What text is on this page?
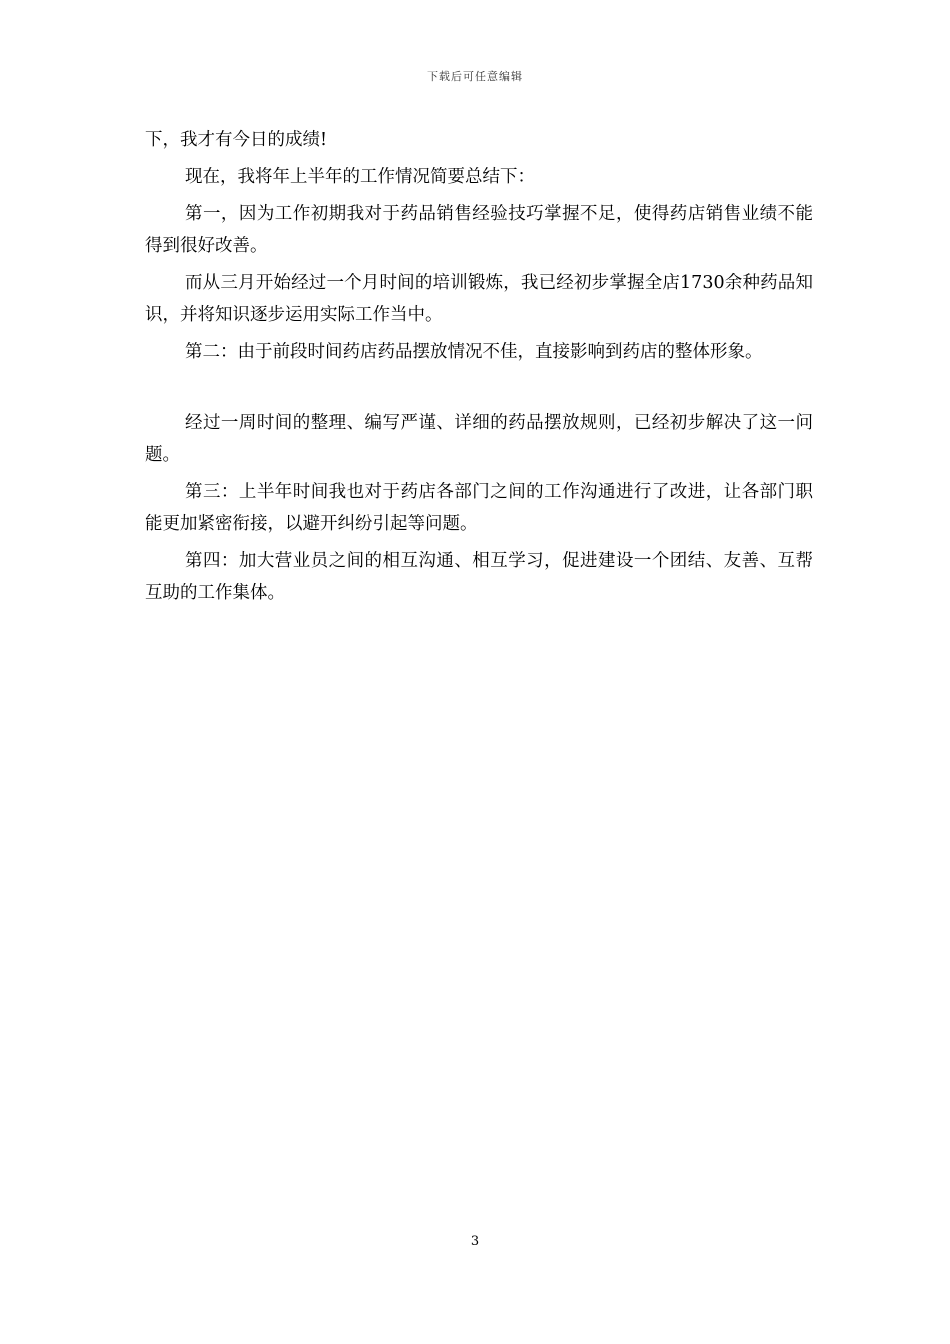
下载后可任意编辑

下，我才有今日的成绩!

现在，我将年上半年的工作情况简要总结下：

第一，因为工作初期我对于药品销售经验技巧掌握不足，使得药店销售业绩不能得到很好改善。

而从三月开始经过一个月时间的培训锻炼，我已经初步掌握全店1730余种药品知识，并将知识逐步运用实际工作当中。

第二：由于前段时间药店药品摆放情况不佳，直接影响到药店的整体形象。

经过一周时间的整理、编写严谨、详细的药品摆放规则，已经初步解决了这一问题。

第三：上半年时间我也对于药店各部门之间的工作沟通进行了改进，让各部门职能更加紧密衔接，以避开纠纷引起等问题。

第四：加大营业员之间的相互沟通、相互学习，促进建设一个团结、友善、互帮互助的工作集体。

3
